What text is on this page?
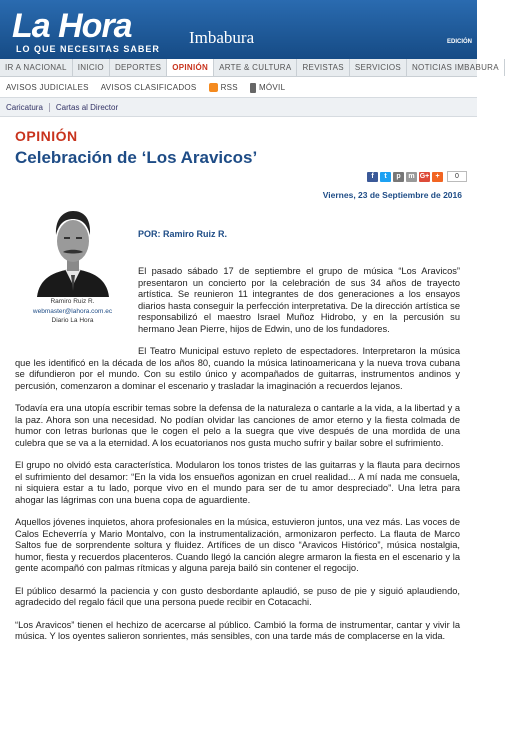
La Hora
LO QUE NECESITAS SABER
Imbabura	EDICIÓN
IR A NACIONAL	INICIO	DEPORTES	OPINIÓN	ARTE & CULTURA	REVISTAS	SERVICIOS	NOTICIAS IMBABURA
AVISOS JUDICIALES AVISOS CLASIFICADOS	RSS	MÓVIL
Caricatura	Cartas al Director
OPINIÓN
Celebración de ‘Los Aravicos’
f	t	p	m G+ +	0
Viernes, 23 de Septiembre de 2016
POR: Ramiro Ruiz R.
Ramiro Ruiz R.
webmaster@lahora.com.ec
Diario La Hora

El pasado sábado 17 de septiembre el grupo de música “Los Aravicos” presentaron un concierto por la celebración de sus 34 años de trayecto artística. Se reunieron 11 integrantes de dos generaciones a los ensayos diarios hasta conseguir la perfección interpretativa. De la dirección artística se responsabilizó el maestro Israel Muñoz Hidrobo, y en la percusión su hermano Jean Pierre, hijos de Edwin, uno de los fundadores.

El Teatro Municipal estuvo repleto de espectadores. Interpretaron la música que les identificó en la década de los años 80, cuando la música latinoamericana y la nueva trova cubana se difundieron por el mundo. Con su estilo único y acompañados de guitarras, instrumentos andinos y percusión, comenzaron a dominar el escenario y trasladar la imaginación a recuerdos lejanos.

Todavía era una utopía escribir temas sobre la defensa de la naturaleza o cantarle a la vida, a la libertad y a la paz. Ahora son una necesidad. No podían olvidar las canciones de amor eterno y la fiesta colmada de humor con letras burlonas que le cogen el pelo a la suegra que vive después de una mordida de una culebra que se va a la eternidad. A los ecuatorianos nos gusta mucho sufrir y bailar sobre el sufrimiento.

El grupo no olvidó esta característica. Modularon los tonos tristes de las guitarras y la flauta para decirnos el sufrimiento del desamor: “En la vida los ensueños agonizan en cruel realidad... A mí nada me consuela, ni siquiera estar a tu lado, porque vivo en el mundo para ser de tu amor despreciado”. Una letra para ahogar las lágrimas con una buena copa de aguardiente.

Aquellos jóvenes inquietos, ahora profesionales en la música, estuvieron juntos, una vez más. Las voces de Calos Echeverría y Mario Montalvo, con la instrumentalización, armonizaron perfecto. La flauta de Marco Saltos fue de sorprendente soltura y fluidez. Artífices de un disco “Aravicos Histórico”, música nostalgia, humor, fiesta y recuerdos placenteros. Cuando llegó la canción alegre armaron la fiesta en el escenario y la gente acompañó con palmas rítmicas y alguna pareja bailó sin contener el regocijo.

El público desarmó la paciencia y con gusto desbordante aplaudió, se puso de pie y siguió aplaudiendo, agradecido del regalo fácil que una persona puede recibir en Cotacachi.

“Los Aravicos” tienen el hechizo de acercarse al público. Cambió la forma de instrumentar, cantar y vivir la música. Y los oyentes salieron sonrientes, más sensibles, con una tarde más de complacerse en la vida.
